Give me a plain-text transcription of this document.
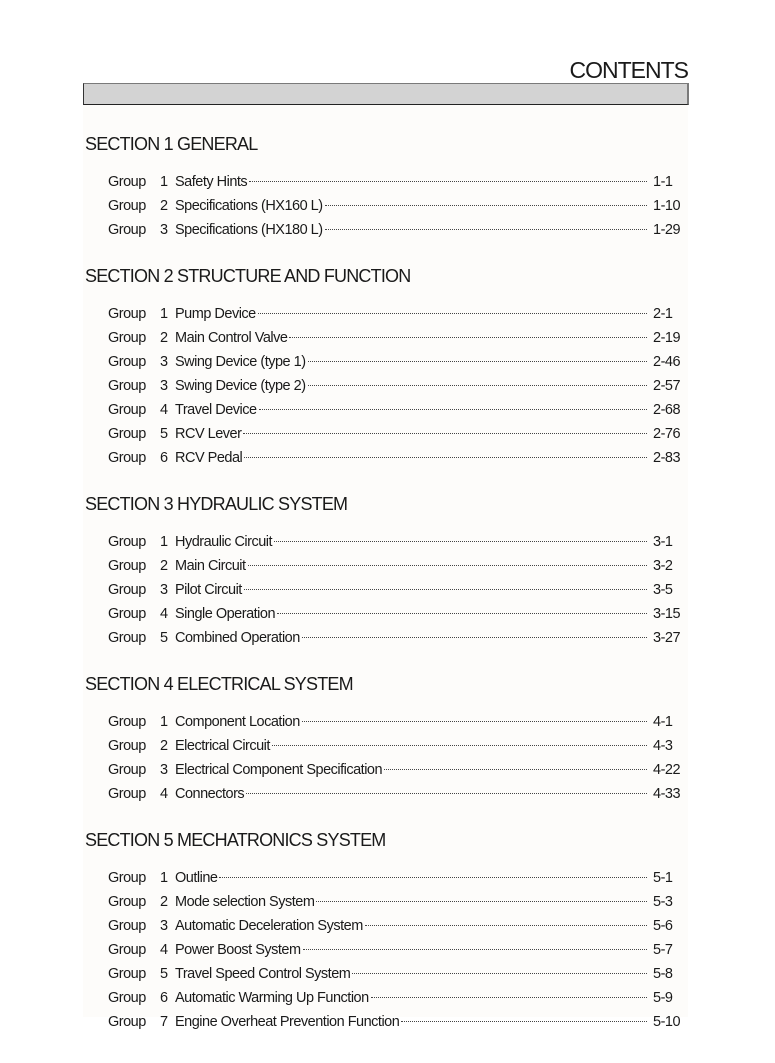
CONTENTS
SECTION 1 GENERAL
Group 1 Safety Hints	1-1
Group 2 Specifications (HX160 L)	1-10
Group 3 Specifications (HX180 L)	1-29
SECTION 2 STRUCTURE AND FUNCTION
Group 1 Pump Device	2-1
Group 2 Main Control Valve	2-19
Group 3 Swing Device (type 1)	2-46
Group 3 Swing Device (type 2)	2-57
Group 4 Travel Device	2-68
Group 5 RCV Lever	2-76
Group 6 RCV Pedal	2-83
SECTION 3 HYDRAULIC SYSTEM
Group 1 Hydraulic Circuit	3-1
Group 2 Main Circuit	3-2
Group 3 Pilot Circuit	3-5
Group 4 Single Operation	3-15
Group 5 Combined Operation	3-27
SECTION 4 ELECTRICAL SYSTEM
Group 1 Component Location	4-1
Group 2 Electrical Circuit	4-3
Group 3 Electrical Component Specification	4-22
Group 4 Connectors	4-33
SECTION 5 MECHATRONICS SYSTEM
Group 1 Outline	5-1
Group 2 Mode selection System	5-3
Group 3 Automatic Deceleration System	5-6
Group 4 Power Boost System	5-7
Group 5 Travel Speed Control System	5-8
Group 6 Automatic Warming Up Function	5-9
Group 7 Engine Overheat Prevention Function	5-10
